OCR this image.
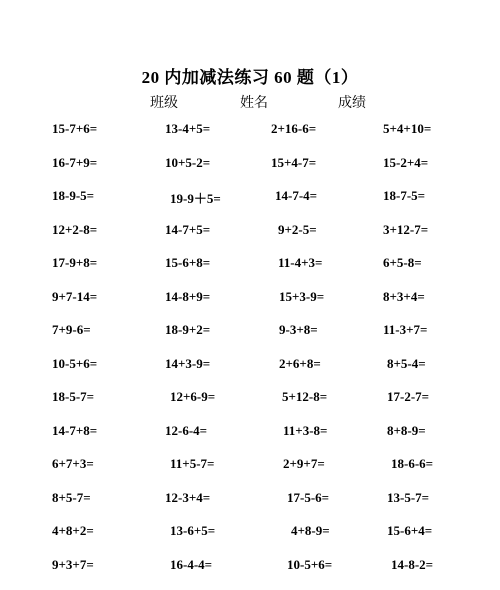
20 内加减法练习 60 题（1）
班级	姓名	成绩
15-7+6=	13-4+5=	2+16-6=	5+4+10=
16-7+9=	10+5-2=	15+4-7=	15-2+4=
18-9-5=	19-9＋5=	14-7-4=	18-7-5=
12+2-8=	14-7+5=	9+2-5=	3+12-7=
17-9+8=	15-6+8=	11-4+3=	6+5-8=
9+7-14=	14-8+9=	15+3-9=	8+3+4=
7+9-6=	18-9+2=	9-3+8=	11-3+7=
10-5+6=	14+3-9=	2+6+8=	8+5-4=
18-5-7=	12+6-9=	5+12-8=	17-2-7=
14-7+8=	12-6-4=	11+3-8=	8+8-9=
6+7+3=	11+5-7=	2+9+7=	18-6-6=
8+5-7=	12-3+4=	17-5-6=	13-5-7=
4+8+2=	13-6+5=	4+8-9=	15-6+4=
9+3+7=	16-4-4=	10-5+6=	14-8-2=
